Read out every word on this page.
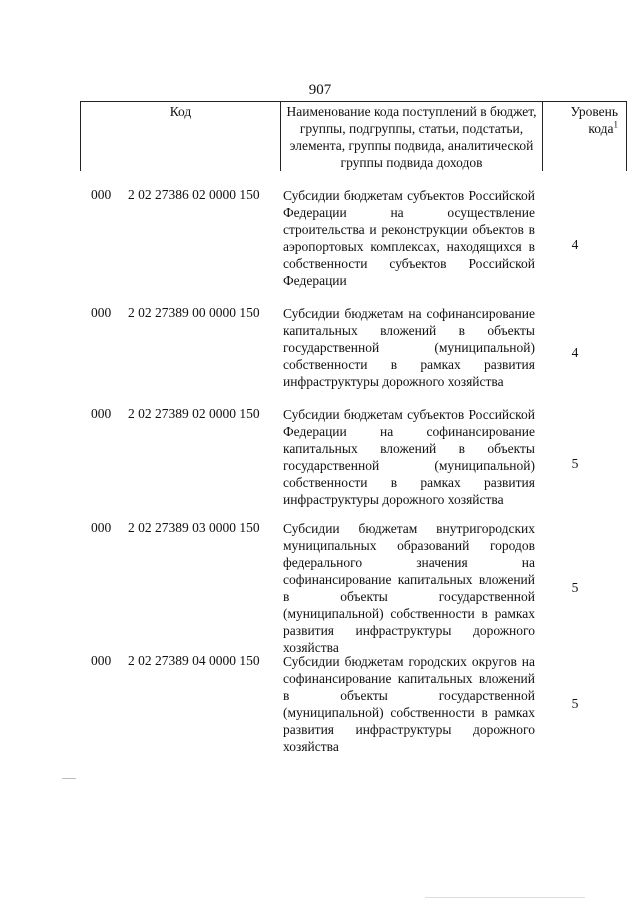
907
Код	Наименование кода поступлений в бюджет, группы, подгруппы, статьи, подстатьи, элемента, группы подвида, аналитической группы подвида доходов
Уровень кода$^1$
000 2 02 27386 02 0000 150 Субсидии бюджетам субъектов Российской Федерации на осуществление строительства и реконструкции объектов в аэропортовых комплексах, находящихся в собственности субъектов Российской Федерации
4
000 2 02 27389 00 0000 150 Субсидии бюджетам на софинансирование капитальных вложений в объекты государственной (муниципальной) собственности в рамках развития инфраструктуры дорожного хозяйства
4
000 2 02 27389 02 0000 150 Субсидии бюджетам субъектов Российской Федерации на софинансирование капитальных вложений в объекты государственной (муниципальной) собственности в рамках развития инфраструктуры дорожного хозяйства
5
000 2 02 27389 03 0000 150 Субсидии бюджетам внутригородских муниципальных образований городов федерального значения на софинансирование капитальных вложений в объекты государственной (муниципальной) собственности в рамках развития инфраструктуры дорожного хозяйства
5
000 2 02 27389 04 0000 150 Субсидии бюджетам городских округов на софинансирование капитальных вложений в объекты государственной (муниципальной) собственности в рамках развития инфраструктуры дорожного хозяйства
5
